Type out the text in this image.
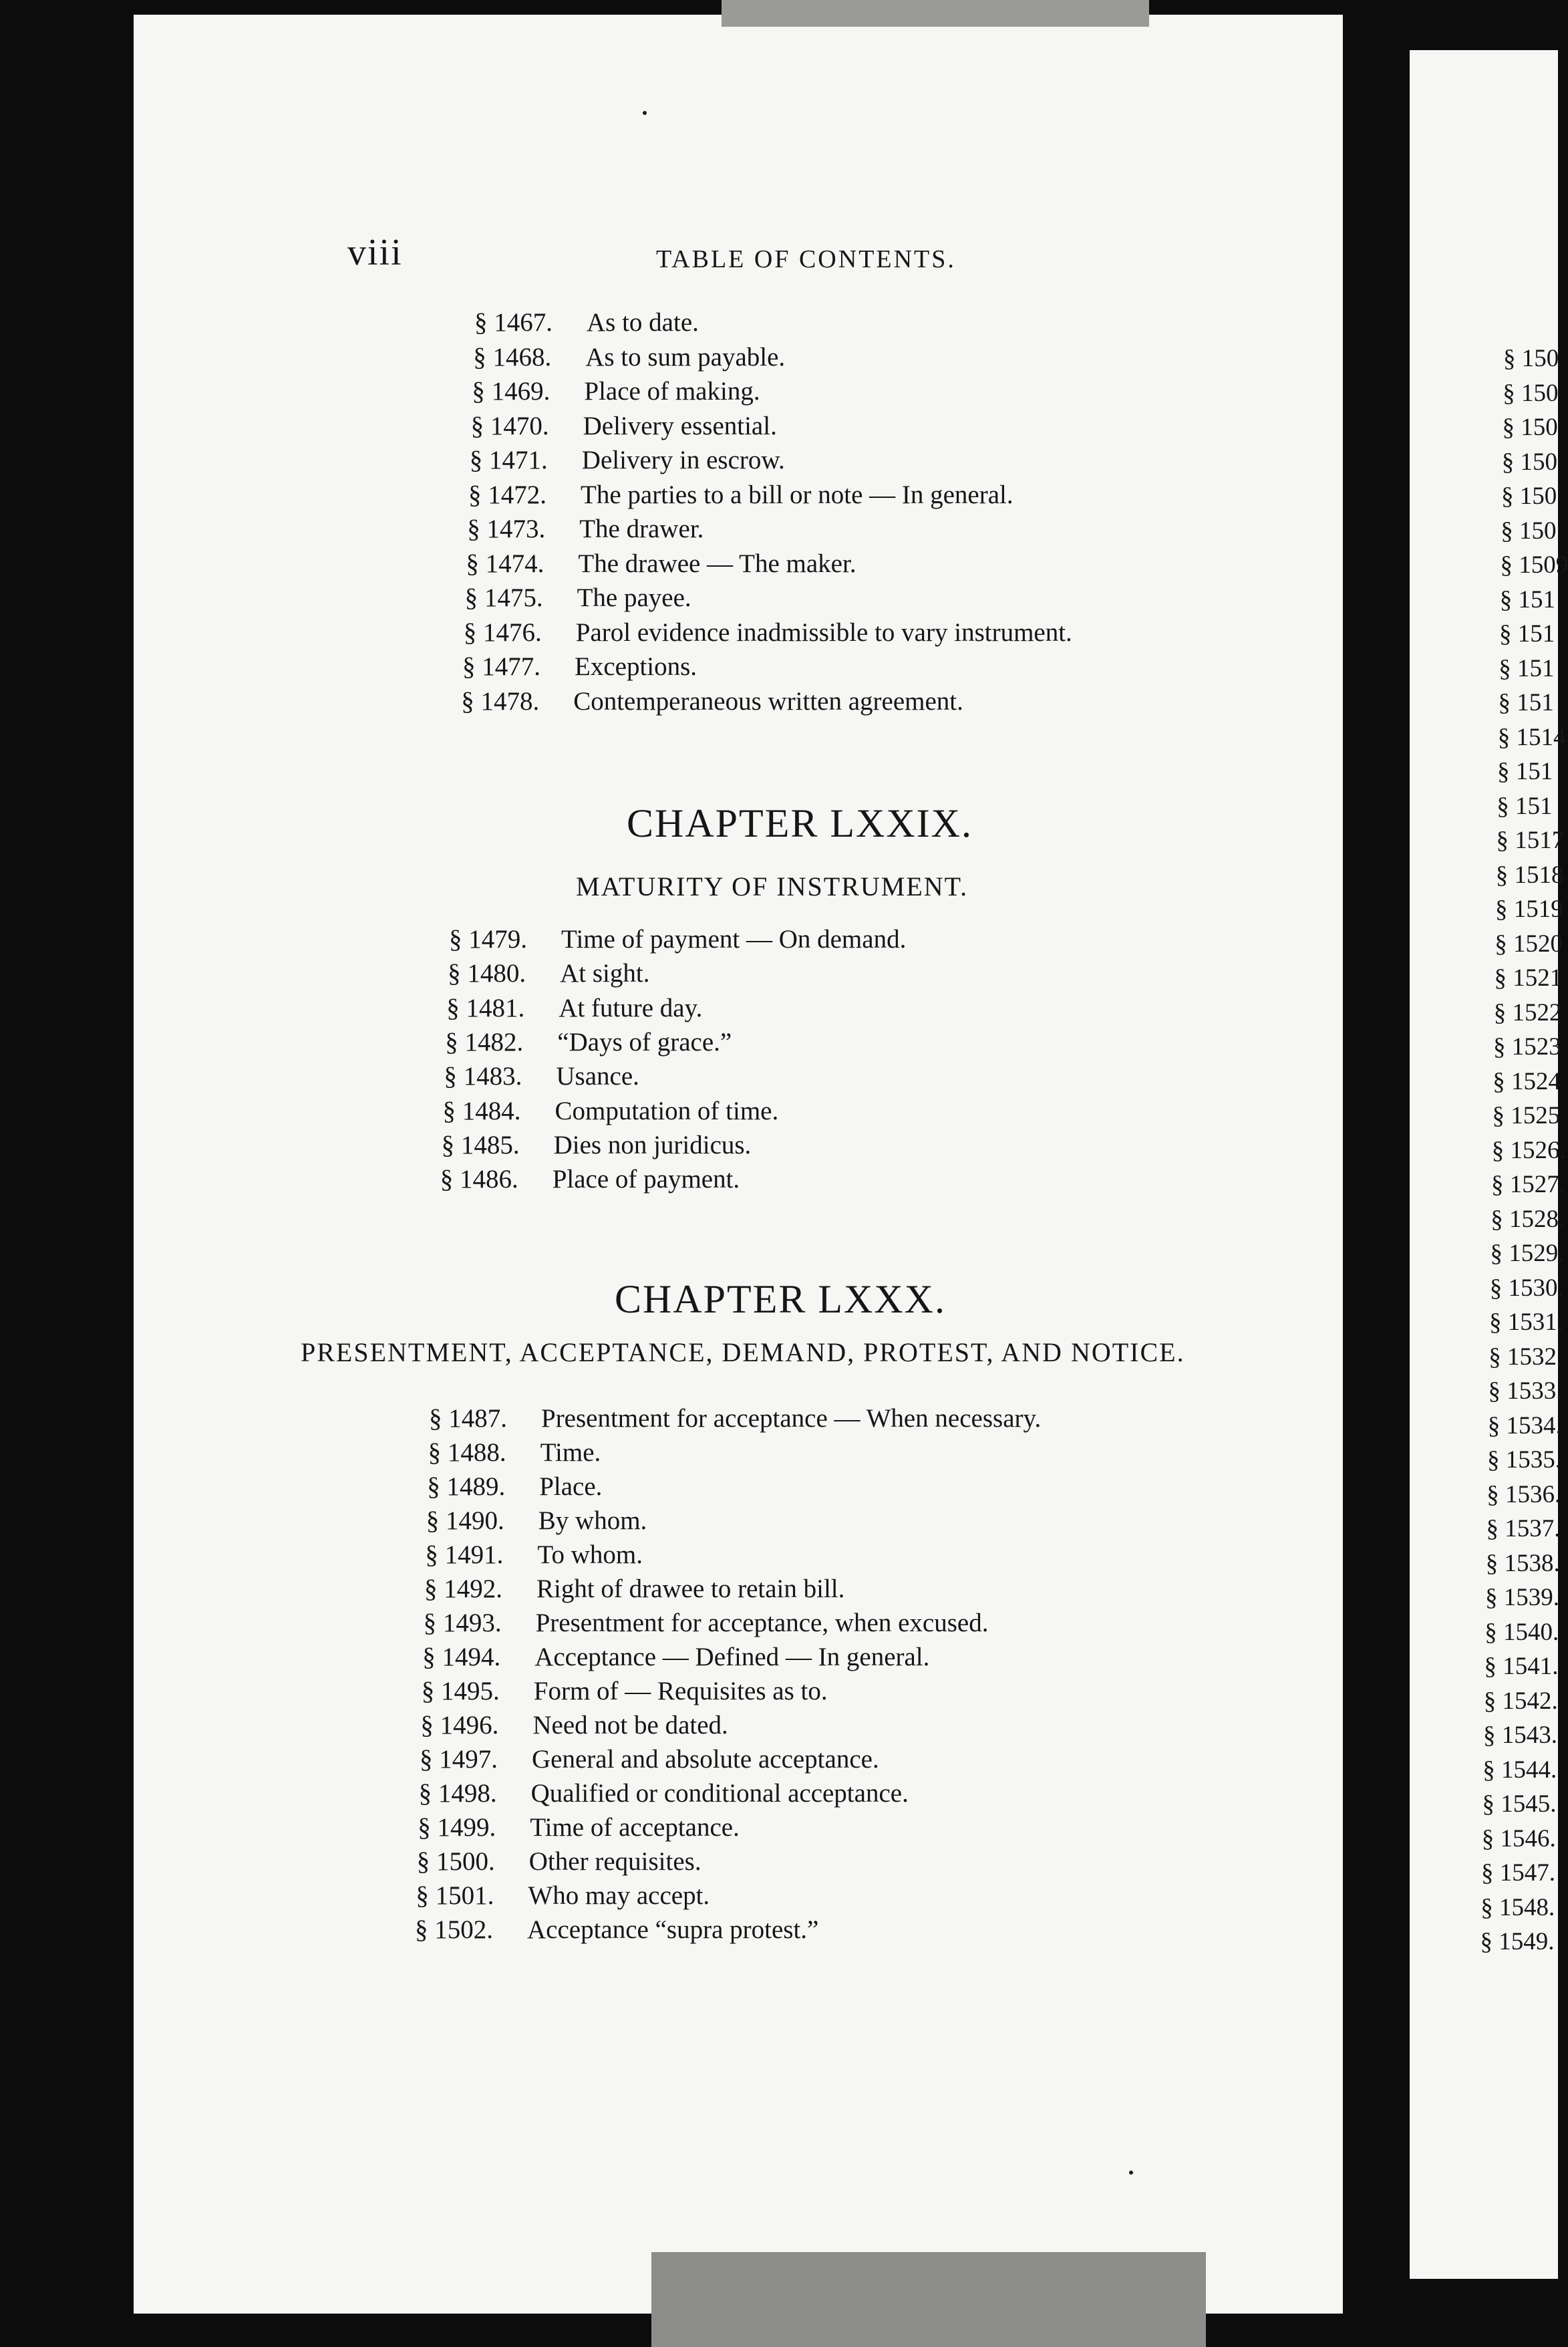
viii	TABLE OF CONTENTS.
§ 1467. As to date.
§ 1468. As to sum payable.
§ 1469. Place of making.
§ 1470. Delivery essential.
§ 1471. Delivery in escrow.
§ 1472. The parties to a bill or note — In general.
§ 1473. The drawer.
§ 1474. The drawee — The maker.
§ 1475. The payee.
§ 1476. Parol evidence inadmissible to vary instrument.
§ 1477. Exceptions.
§ 1478. Contemperaneous written agreement.
CHAPTER LXXIX.
MATURITY OF INSTRUMENT.
§ 1479. Time of payment — On demand.
§ 1480. At sight.
§ 1481. At future day.
§ 1482. “Days of grace.”
§ 1483. Usance.
§ 1484. Computation of time.
§ 1485. Dies non juridicus.
§ 1486. Place of payment.
CHAPTER LXXX.
PRESENTMENT, ACCEPTANCE, DEMAND, PROTEST, AND NOTICE.
§ 1487. Presentment for acceptance — When necessary.
§ 1488. Time.
§ 1489. Place.
§ 1490. By whom.
§ 1491. To whom.
§ 1492. Right of drawee to retain bill.
§ 1493. Presentment for acceptance, when excused.
§ 1494. Acceptance — Defined — In general.
§ 1495. Form of — Requisites as to.
§ 1496. Need not be dated.
§ 1497. General and absolute acceptance.
§ 1498. Qualified or conditional acceptance.
§ 1499. Time of acceptance.
§ 1500. Other requisites.
§ 1501. Who may accept.
§ 1502. Acceptance “supra protest.”
§ 150
§ 150
§ 150
§ 150
§ 150
§ 150
§ 1509
§ 151
§ 151
§ 151
§ 151
§ 1514
§ 151
§ 151
§ 1517
§ 1518
§ 1519
§ 1520
§ 1521
§ 1522
§ 1523
§ 1524
§ 1525
§ 1526.
§ 1527.
§ 1528.
§ 1529.
§ 1530.
§ 1531.
§ 1532.
§ 1533.
§ 1534.
§ 1535.
§ 1536.
§ 1537.
§ 1538.
§ 1539.
§ 1540.
§ 1541.
§ 1542.
§ 1543.
§ 1544.
§ 1545.
§ 1546.
§ 1547.
§ 1548.
§ 1549.
